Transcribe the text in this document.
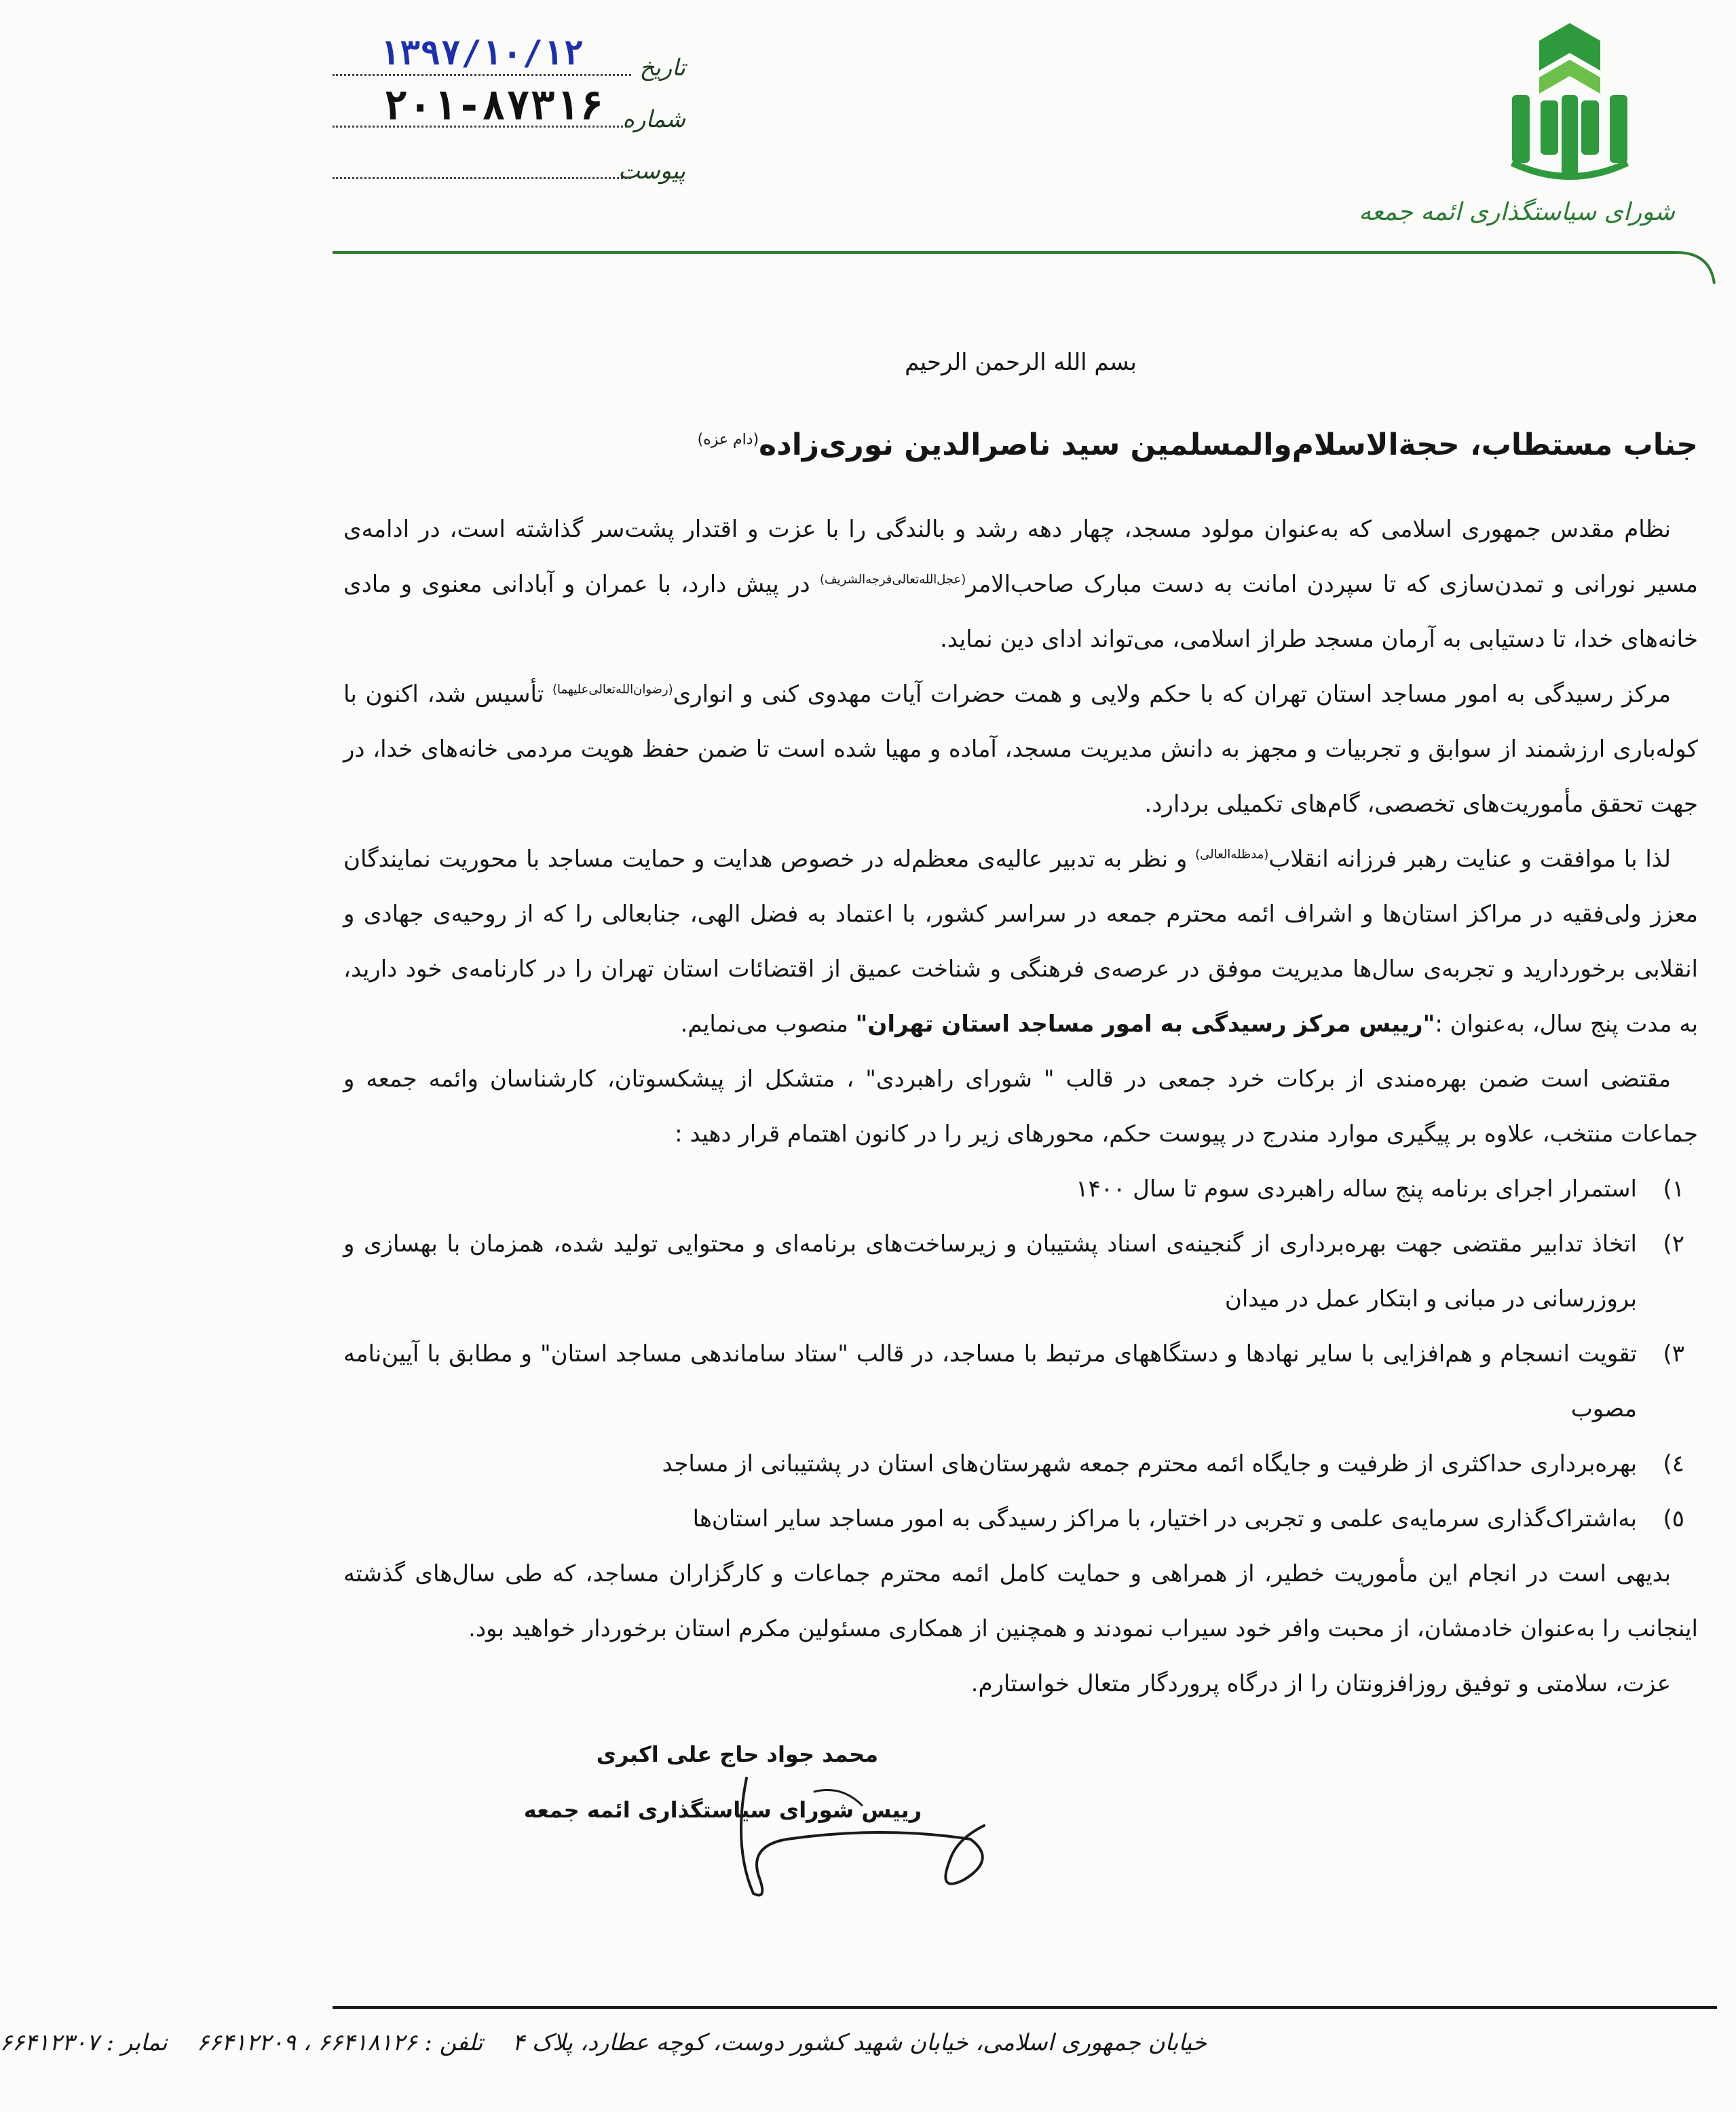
شورای سیاستگذاری ائمه جمعه
تاریخ
۱۳۹۷/۱۰/۱۲
شماره
۲۰۱-۸۷۳۱۶
پیوست
بسم الله الرحمن الرحیم
جناب مستطاب، حجةالاسلام‌والمسلمین سید ناصرالدین نوری‌زاده$^{(دام عزه)}$

نظام مقدس جمهوری اسلامی که به‌عنوان مولود مسجد، چهار دهه رشد و بالندگی را با عزت و اقتدار پشت‌سر گذاشته است، در ادامه‌ی مسیر نورانی و تمدن‌سازی که تا سپردن امانت به دست مبارک صاحب‌الامر$^{(عجل‌الله‌تعالی‌فرجه‌الشریف)}$ در پیش دارد، با عمران و آبادانی معنوی و مادی خانه‌های خدا، تا دستیابی به آرمان مسجد طراز اسلامی، می‌تواند ادای دین نماید.

مرکز رسیدگی به امور مساجد استان تهران که با حکم ولایی و همت حضرات آیات مهدوی کنی و انواری$^{(رضوان‌الله‌تعالی‌علیهما)}$ تأسیس شد، اکنون با کوله‌باری ارزشمند از سوابق و تجربیات و مجهز به دانش مدیریت مسجد، آماده و مهیا شده است تا ضمن حفظ هویت مردمی خانه‌های خدا، در جهت تحقق مأموریت‌های تخصصی، گام‌های تکمیلی بردارد.

لذا با موافقت و عنایت رهبر فرزانه انقلاب$^{(مدظله‌العالی)}$ و نظر به تدبیر عالیه‌ی معظم‌له در خصوص هدایت و حمایت مساجد با محوریت نمایندگان معزز ولی‌فقیه در مراکز استان‌ها و اشراف ائمه محترم جمعه در سراسر کشور، با اعتماد به فضل الهی، جنابعالی را که از روحیه‌ی جهادی و انقلابی برخوردارید و تجربه‌ی سال‌ها مدیریت موفق در عرصه‌ی فرهنگی و شناخت عمیق از اقتضائات استان تهران را در کارنامه‌ی خود دارید، به مدت پنج سال، به‌عنوان :"رییس مرکز رسیدگی به امور مساجد استان تهران" منصوب می‌نمایم.

مقتضی است ضمن بهره‌مندی از برکات خرد جمعی در قالب " شورای راهبردی" ، متشکل از پیشکسوتان، کارشناسان وائمه جمعه و جماعات منتخب، علاوه بر پیگیری موارد مندرج در پیوست حکم، محورهای زیر را در کانون اهتمام قرار دهید :

۱)
استمرار اجرای برنامه پنج ساله راهبردی سوم تا سال ۱۴۰۰
۲)
اتخاذ تدابیر مقتضی جهت بهره‌برداری از گنجینه‌ی اسناد پشتیبان و زیرساخت‌های برنامه‌ای و محتوایی تولید شده، همزمان با بهسازی و بروزرسانی در مبانی و ابتکار عمل در میدان
۳)
تقویت انسجام و هم‌افزایی با سایر نهادها و دستگاههای مرتبط با مساجد، در قالب "ستاد ساماندهی مساجد استان" و مطابق با آیین‌نامه مصوب
٤)
بهره‌برداری حداکثری از ظرفیت و جایگاه ائمه محترم جمعه شهرستان‌های استان در پشتیبانی از مساجد
٥)
به‌اشتراک‌گذاری سرمایه‌ی علمی و تجربی در اختیار، با مراکز رسیدگی به امور مساجد سایر استان‌ها

بدیهی است در انجام این مأموریت خطیر، از همراهی و حمایت کامل ائمه محترم جماعات و کارگزاران مساجد، که طی سال‌های گذشته اینجانب را به‌عنوان خادمشان، از محبت وافر خود سیراب نمودند و همچنین از همکاری مسئولین مکرم استان برخوردار خواهید بود.

عزت، سلامتی و توفیق روزافزونتان را از درگاه پروردگار متعال خواستارم.

محمد جواد حاج علی اکبری
رییس شورای سیاستگذاری ائمه جمعه
خیابان جمهوری اسلامی، خیابان شهید کشور دوست، کوچه عطارد، پلاک ۴    تلفن : ۶۶۴۱۸۱۲۶ ، ۶۶۴۱۲۲۰۹    نمابر : ۶۶۴۱۲۳۰۷
